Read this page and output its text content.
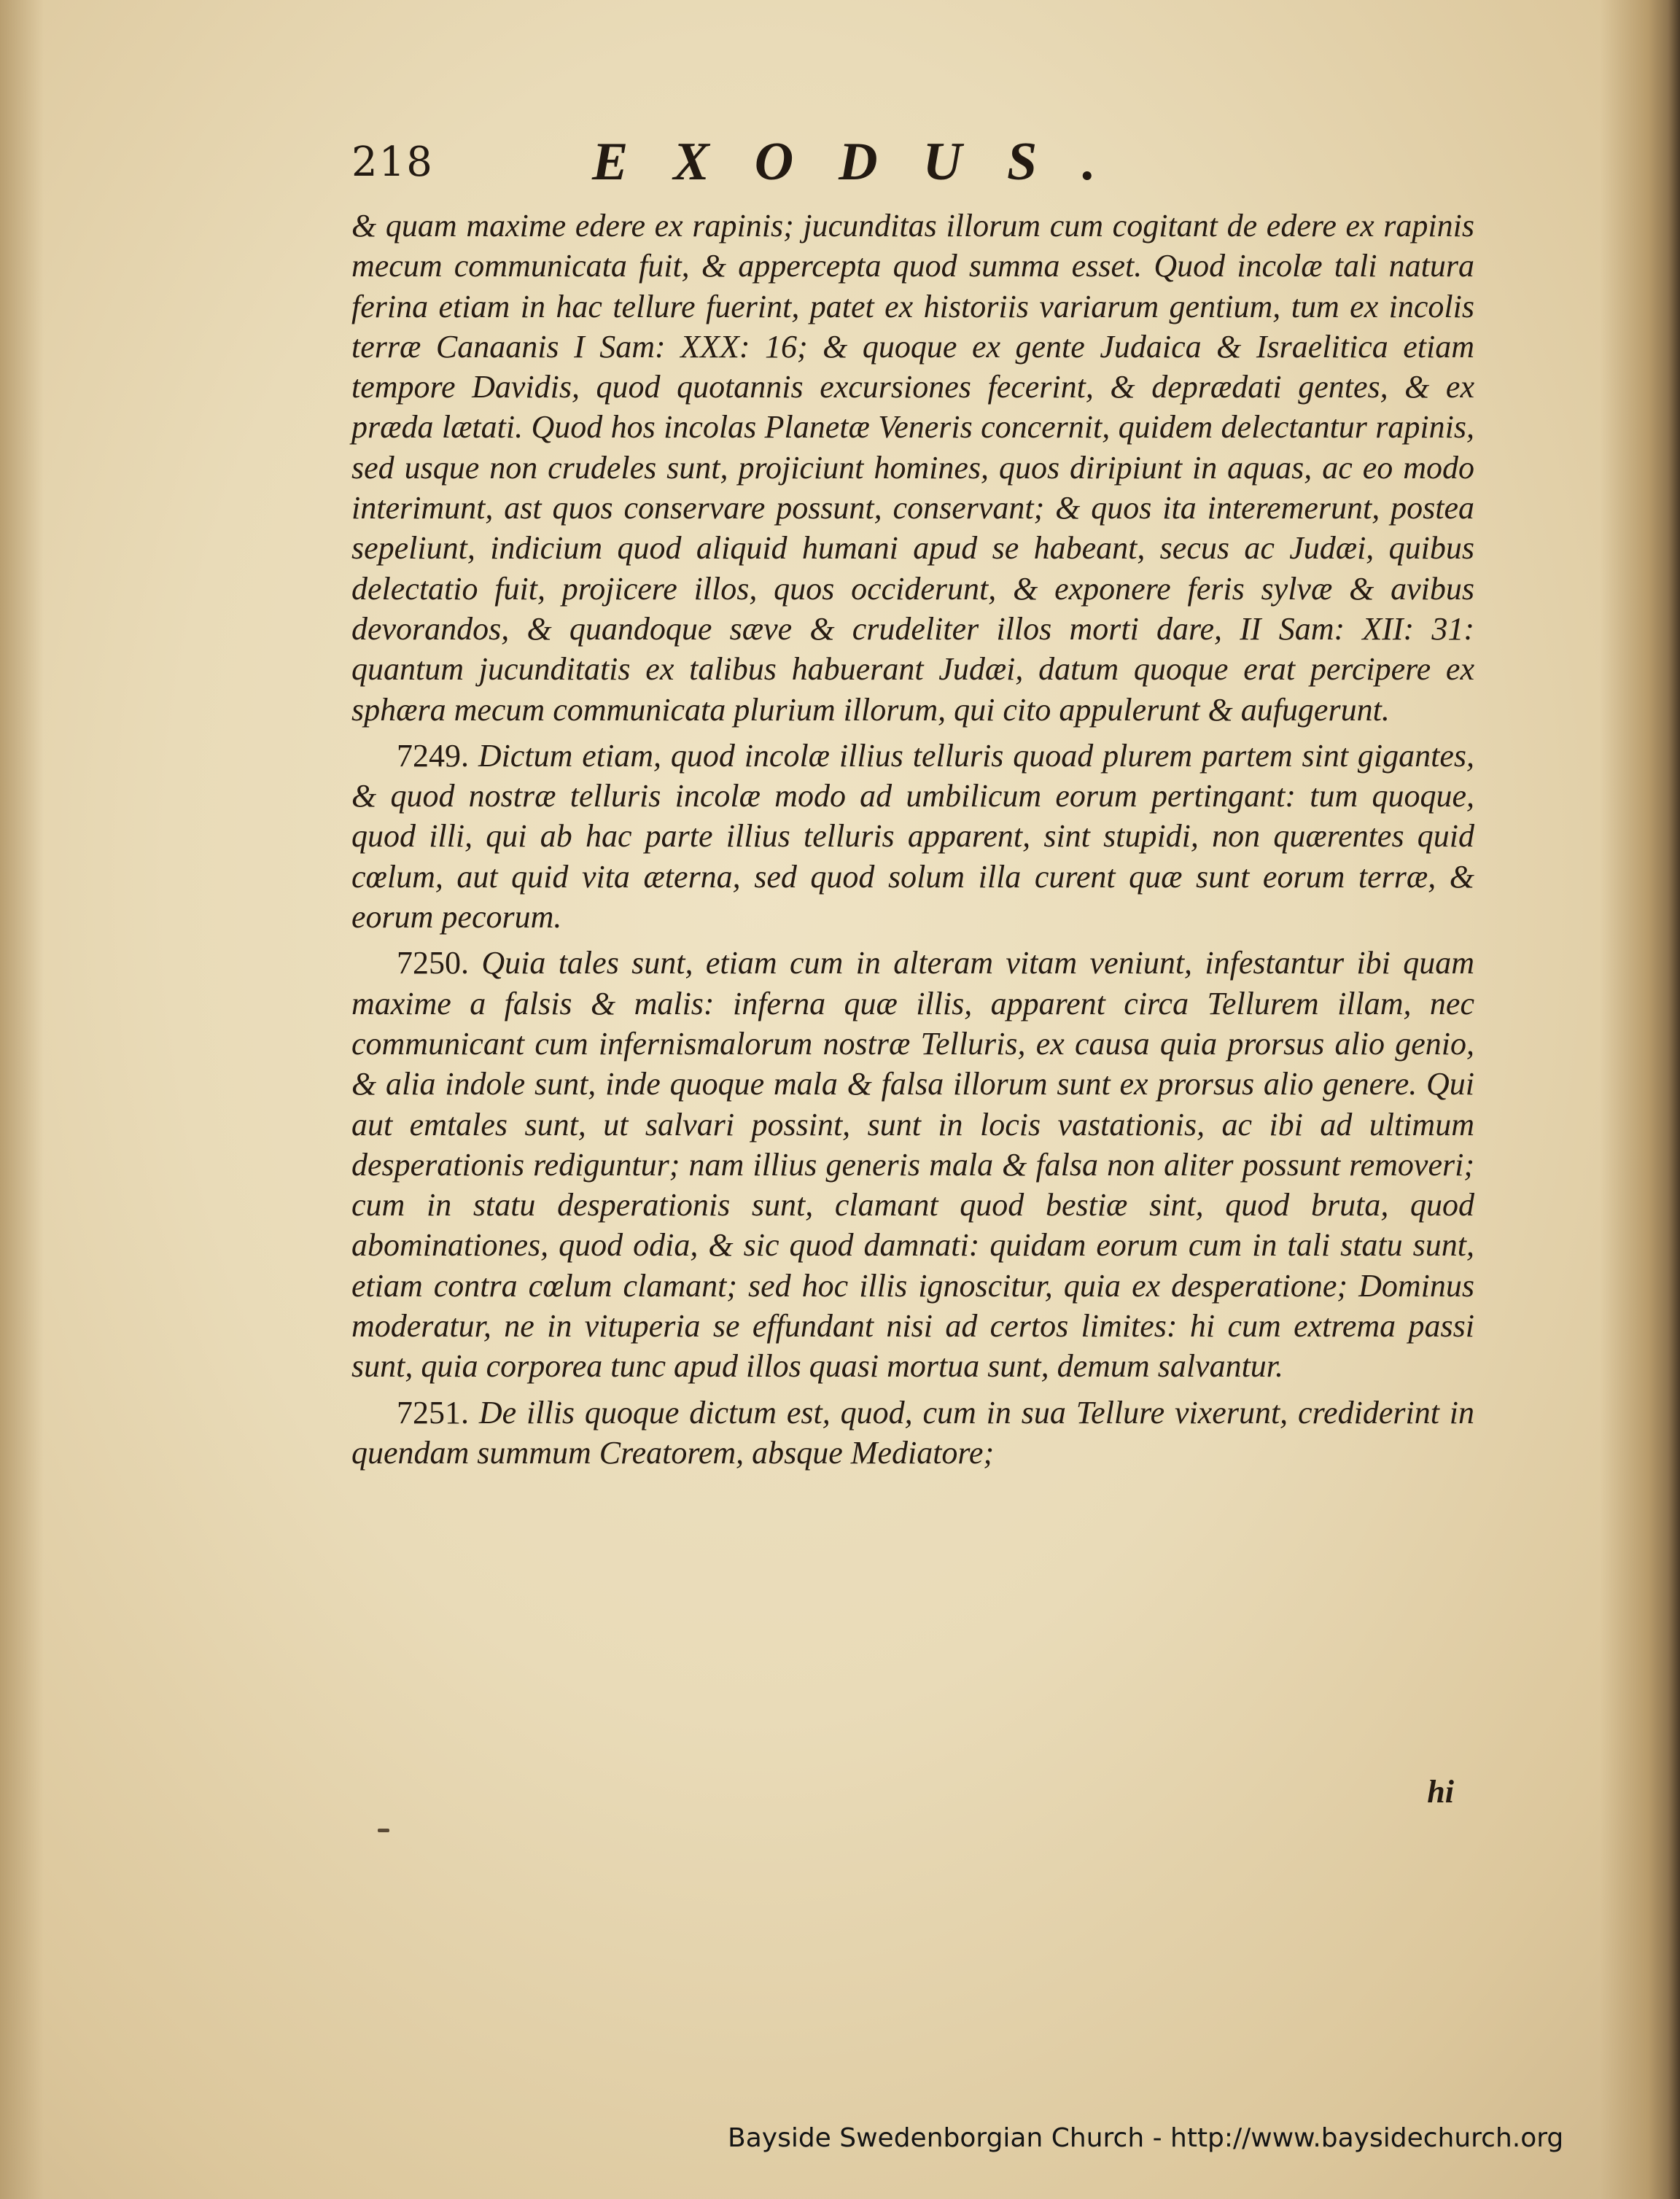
218	EXODUS.

& quam maxime edere ex rapinis; jucunditas illorum cum cogitant de edere ex rapinis mecum communicata fuit, & appercepta quod summa esset. Quod incolæ tali natura ferina etiam in hac tellure fuerint, patet ex historiis variarum gentium, tum ex incolis terræ Canaanis I Sam: XXX: 16; & quoque ex gente Judaica & Israelitica etiam tempore Davidis, quod quotannis excursiones fecerint, & deprædati gentes, & ex præda lætati. Quod hos incolas Planetæ Veneris concernit, quidem delectantur rapinis, sed usque non crudeles sunt, projiciunt homines, quos diripiunt in aquas, ac eo modo interimunt, ast quos conservare possunt, conservant; & quos ita interemerunt, postea sepeliunt, indicium quod aliquid humani apud se habeant, secus ac Judæi, quibus delectatio fuit, projicere illos, quos occiderunt, & exponere feris sylvæ & avibus devorandos, & quandoque sæve & crudeliter illos morti dare, II Sam: XII: 31: quantum jucunditatis ex talibus habuerant Judæi, datum quoque erat percipere ex sphæra mecum communicata plurium illorum, qui cito appulerunt & aufugerunt.

7249. Dictum etiam, quod incolæ illius telluris quoad plurem partem sint gigantes, & quod nostræ telluris incolæ modo ad umbilicum eorum pertingant: tum quoque, quod illi, qui ab hac parte illius telluris apparent, sint stupidi, non quærentes quid cœlum, aut quid vita æterna, sed quod solum illa curent quæ sunt eorum terræ, & eorum pecorum.

7250. Quia tales sunt, etiam cum in alteram vitam veniunt, infestantur ibi quam maxime a falsis & malis: inferna quæ illis, apparent circa Tellurem illam, nec communicant cum infernismalorum nostræ Telluris, ex causa quia prorsus alio genio, & alia indole sunt, inde quoque mala & falsa illorum sunt ex prorsus alio genere. Qui aut emtales sunt, ut salvari possint, sunt in locis vastationis, ac ibi ad ultimum desperationis rediguntur; nam illius generis mala & falsa non aliter possunt removeri; cum in statu desperationis sunt, clamant quod bestiæ sint, quod bruta, quod abominationes, quod odia, & sic quod damnati: quidam eorum cum in tali statu sunt, etiam contra cœlum clamant; sed hoc illis ignoscitur, quia ex desperatione; Dominus moderatur, ne in vituperia se effundant nisi ad certos limites: hi cum extrema passi sunt, quia corporea tunc apud illos quasi mortua sunt, demum salvantur.

7251. De illis quoque dictum est, quod, cum in sua Tellure vixerunt, crediderint in quendam summum Creatorem, absque Mediatore;

hi
Bayside Swedenborgian Church - http://www.baysidechurch.org
